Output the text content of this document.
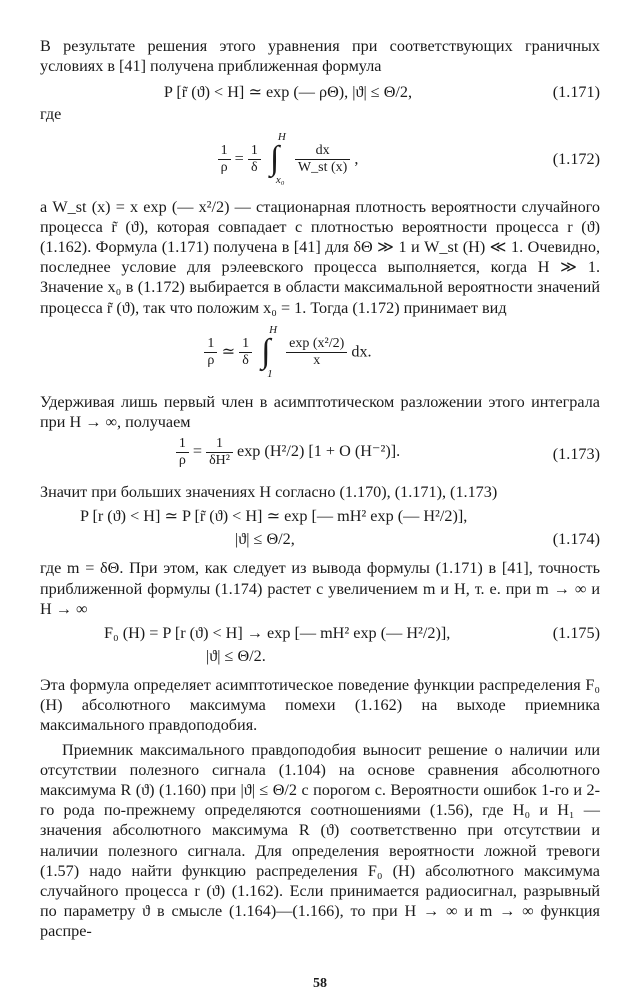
В результате решения этого уравнения при соответствующих граничных условиях в [41] получена приближенная формула
P [r̃ (ϑ) < H] ≃ exp (— ρΘ), |ϑ| ≤ Θ/2,	(1.171)
где
$\frac{1}{\rho} = \frac{1}{\delta}$
∫
H
x₀

$\frac{dx}{W\_st (x)}$ ,	(1.172)
а W_st (x) = x exp (— x²/2) — стационарная плотность вероятности случайного процесса r̃ (ϑ), которая совпадает с плотностью вероятности процесса r (ϑ) (1.162). Формула (1.171) получена в [41] для δΘ ≫ 1 и W_st (H) ≪ 1. Очевидно, последнее условие для рэлеевского процесса выполняется, когда H ≫ 1. Значение x₀ в (1.172) выбирается в области максимальной вероятности значений процесса r̃ (ϑ), так что положим x₀ = 1. Тогда (1.172) принимает вид
$\frac{1}{\rho}$ ≃ $\frac{1}{\delta}$
∫
H
1

$\frac{\text{exp (x²/2)}}{x}$ dx.
Удерживая лишь первый член в асимптотическом разложении этого интеграла при H → ∞, получаем
$\frac{1}{\rho} = \frac{1}{\text{δH²}}$ exp (H²/2) [1 + O (H⁻²)].	(1.173)
Значит при больших значениях H согласно (1.170), (1.171), (1.173)
P [r (ϑ) < H] ≃ P [r̃ (ϑ) < H] ≃ exp [— mH² exp (— H²/2)],
|ϑ| ≤ Θ/2,	(1.174)
где m = δΘ. При этом, как следует из вывода формулы (1.171) в [41], точность приближенной формулы (1.174) растет с увеличением m и H, т. е. при m → ∞ и H → ∞
F₀ (H) = P [r (ϑ) < H] → exp [— mH² exp (— H²/2)],	(1.175)
|ϑ| ≤ Θ/2.
Эта формула определяет асимптотическое поведение функции распределения F₀ (H) абсолютного максимума помехи (1.162) на выходе приемника максимального правдоподобия.
Приемник максимального правдоподобия выносит решение о наличии или отсутствии полезного сигнала (1.104) на основе сравнения абсолютного максимума R (ϑ) (1.160) при |ϑ| ≤ Θ/2 с порогом c. Вероятности ошибок 1-го и 2-го рода по-прежнему определяются соотношениями (1.56), где H₀ и H₁ — значения абсолютного максимума R (ϑ) соответственно при отсутствии и наличии полезного сигнала. Для определения вероятности ложной тревоги (1.57) надо найти функцию распределения F₀ (H) абсолютного максимума случайного процесса r (ϑ) (1.162). Если принимается радиосигнал, разрывный по параметру ϑ в смысле (1.164)—(1.166), то при H → ∞ и m → ∞ функция распре-
58
